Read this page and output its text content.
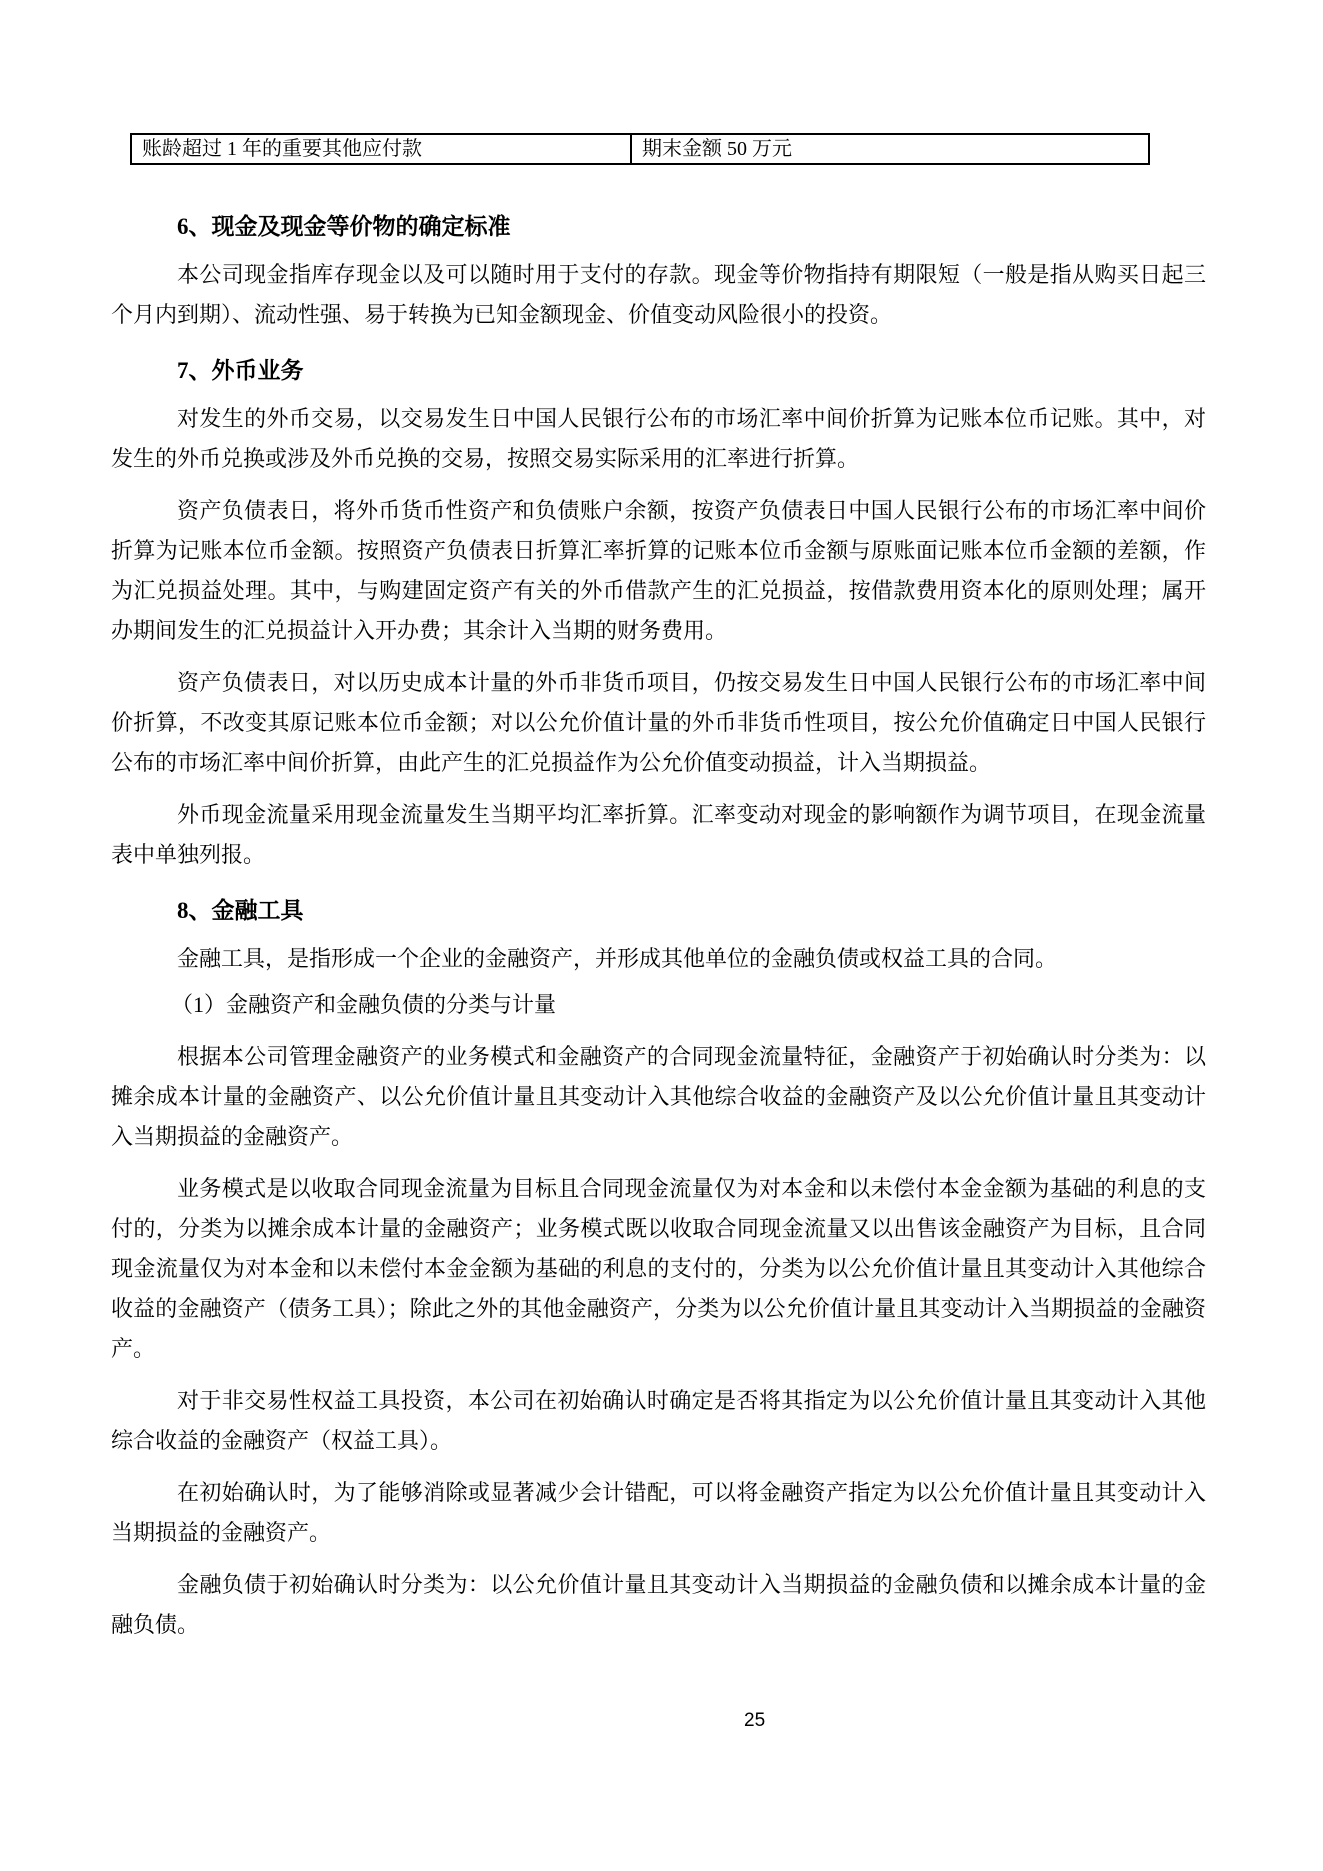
账龄超过 1 年的重要其他应付款	期末金额 50 万元
6、现金及现金等价物的确定标准

本公司现金指库存现金以及可以随时用于支付的存款。现金等价物指持有期限短（一般是指从购买日起三个月内到期）、流动性强、易于转换为已知金额现金、价值变动风险很小的投资。

7、外币业务

对发生的外币交易，以交易发生日中国人民银行公布的市场汇率中间价折算为记账本位币记账。其中，对发生的外币兑换或涉及外币兑换的交易，按照交易实际采用的汇率进行折算。

资产负债表日，将外币货币性资产和负债账户余额，按资产负债表日中国人民银行公布的市场汇率中间价折算为记账本位币金额。按照资产负债表日折算汇率折算的记账本位币金额与原账面记账本位币金额的差额，作为汇兑损益处理。其中，与购建固定资产有关的外币借款产生的汇兑损益，按借款费用资本化的原则处理；属开办期间发生的汇兑损益计入开办费；其余计入当期的财务费用。

资产负债表日，对以历史成本计量的外币非货币项目，仍按交易发生日中国人民银行公布的市场汇率中间价折算，不改变其原记账本位币金额；对以公允价值计量的外币非货币性项目，按公允价值确定日中国人民银行公布的市场汇率中间价折算，由此产生的汇兑损益作为公允价值变动损益，计入当期损益。

外币现金流量采用现金流量发生当期平均汇率折算。汇率变动对现金的影响额作为调节项目，在现金流量表中单独列报。

8、金融工具

金融工具，是指形成一个企业的金融资产，并形成其他单位的金融负债或权益工具的合同。

（1）金融资产和金融负债的分类与计量

根据本公司管理金融资产的业务模式和金融资产的合同现金流量特征，金融资产于初始确认时分类为：以摊余成本计量的金融资产、以公允价值计量且其变动计入其他综合收益的金融资产及以公允价值计量且其变动计入当期损益的金融资产。

业务模式是以收取合同现金流量为目标且合同现金流量仅为对本金和以未偿付本金金额为基础的利息的支付的，分类为以摊余成本计量的金融资产；业务模式既以收取合同现金流量又以出售该金融资产为目标，且合同现金流量仅为对本金和以未偿付本金金额为基础的利息的支付的，分类为以公允价值计量且其变动计入其他综合收益的金融资产（债务工具）；除此之外的其他金融资产，分类为以公允价值计量且其变动计入当期损益的金融资产。

对于非交易性权益工具投资，本公司在初始确认时确定是否将其指定为以公允价值计量且其变动计入其他综合收益的金融资产（权益工具）。

在初始确认时，为了能够消除或显著减少会计错配，可以将金融资产指定为以公允价值计量且其变动计入当期损益的金融资产。

金融负债于初始确认时分类为：以公允价值计量且其变动计入当期损益的金融负债和以摊余成本计量的金融负债。

25
